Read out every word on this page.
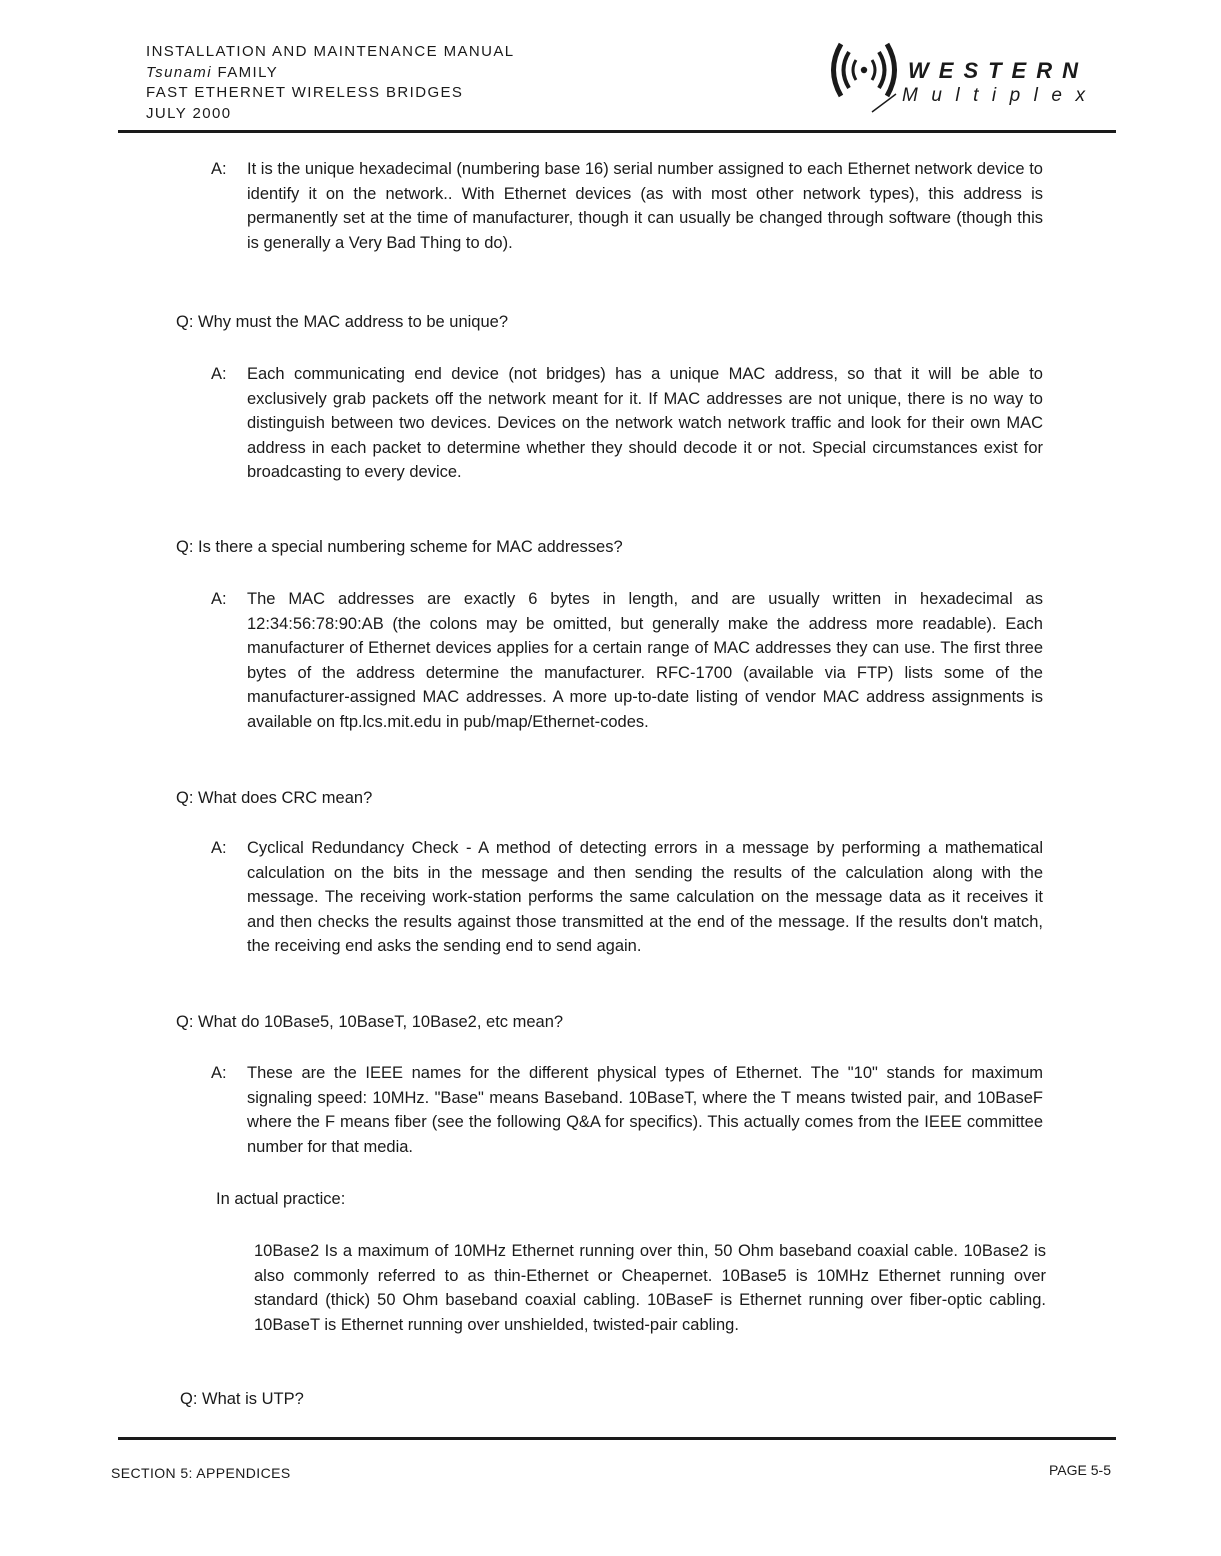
INSTALLATION AND MAINTENANCE MANUAL
Tsunami FAMILY
FAST ETHERNET WIRELESS BRIDGES
JULY 2000
WESTERN
Multiplex
A: It is the unique hexadecimal (numbering base 16) serial number assigned to each Ethernet network device to identify it on the network.. With Ethernet devices (as with most other network types), this address is permanently set at the time of manufacturer, though it can usually be changed through software (though this is generally a Very Bad Thing to do).
Q: Why must the MAC address to be unique?
A: Each communicating end device (not bridges) has a unique MAC address, so that it will be able to exclusively grab packets off the network meant for it. If MAC addresses are not unique, there is no way to distinguish between two devices. Devices on the network watch network traffic and look for their own MAC address in each packet to determine whether they should decode it or not. Special circumstances exist for broadcasting to every device.
Q: Is there a special numbering scheme for MAC addresses?
A: The MAC addresses are exactly 6 bytes in length, and are usually written in hexadecimal as 12:34:56:78:90:AB (the colons may be omitted, but generally make the address more readable). Each manufacturer of Ethernet devices applies for a certain range of MAC addresses they can use. The first three bytes of the address determine the manufacturer. RFC-1700 (available via FTP) lists some of the manufacturer-assigned MAC addresses. A more up-to-date listing of vendor MAC address assignments is available on ftp.lcs.mit.edu in pub/map/Ethernet-codes.
Q: What does CRC mean?
A: Cyclical Redundancy Check - A method of detecting errors in a message by performing a mathematical calculation on the bits in the message and then sending the results of the calculation along with the message. The receiving work-station performs the same calculation on the message data as it receives it and then checks the results against those transmitted at the end of the message. If the results don't match, the receiving end asks the sending end to send again.
Q: What do 10Base5, 10BaseT, 10Base2, etc mean?
A: These are the IEEE names for the different physical types of Ethernet. The "10" stands for maximum signaling speed: 10MHz. "Base" means Baseband. 10BaseT, where the T means twisted pair, and 10BaseF where the F means fiber (see the following Q&A for specifics). This actually comes from the IEEE committee number for that media.
In actual practice:
10Base2 Is a maximum of 10MHz Ethernet running over thin, 50 Ohm baseband coaxial cable. 10Base2 is also commonly referred to as thin-Ethernet or Cheapernet. 10Base5 is 10MHz Ethernet running over standard (thick) 50 Ohm baseband coaxial cabling. 10BaseF is Ethernet running over fiber-optic cabling. 10BaseT is Ethernet running over unshielded, twisted-pair cabling.
Q: What is UTP?
SECTION 5: APPENDICES	PAGE 5-5
